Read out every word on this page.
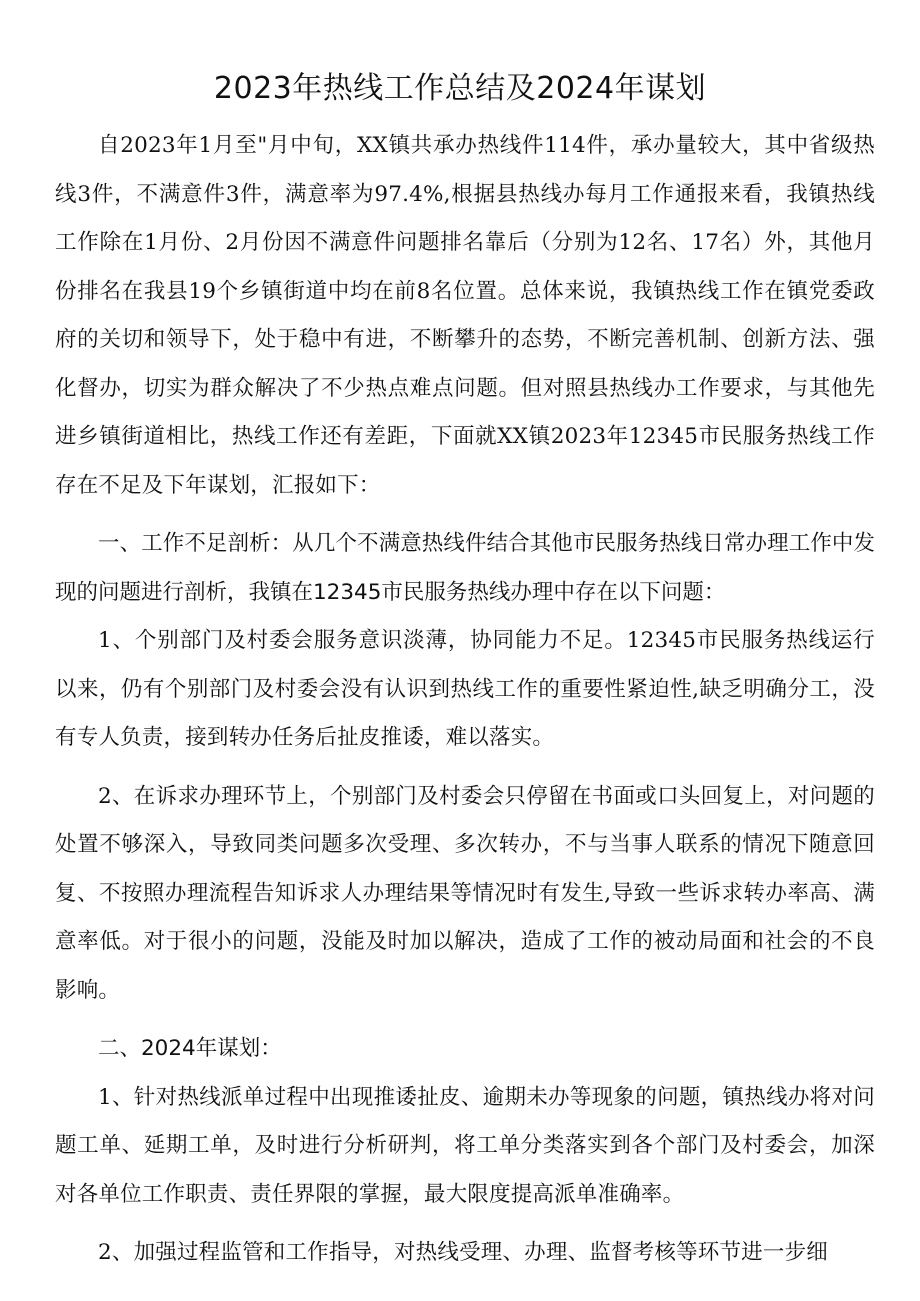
2023年热线工作总结及2024年谋划

自2023年1月至"月中旬，XX镇共承办热线件114件，承办量较大，其中省级热线3件，不满意件3件，满意率为97.4%,根据县热线办每月工作通报来看，我镇热线工作除在1月份、2月份因不满意件问题排名靠后（分别为12名、17名）外，其他月份排名在我县19个乡镇街道中均在前8名位置。总体来说，我镇热线工作在镇党委政府的关切和领导下，处于稳中有进，不断攀升的态势，不断完善机制、创新方法、强化督办，切实为群众解决了不少热点难点问题。但对照县热线办工作要求，与其他先进乡镇街道相比，热线工作还有差距，下面就XX镇2023年12345市民服务热线工作存在不足及下年谋划，汇报如下：

一、工作不足剖析：从几个不满意热线件结合其他市民服务热线日常办理工作中发现的问题进行剖析，我镇在12345市民服务热线办理中存在以下问题：

1、个别部门及村委会服务意识淡薄，协同能力不足。12345市民服务热线运行以来，仍有个别部门及村委会没有认识到热线工作的重要性紧迫性,缺乏明确分工，没有专人负责，接到转办任务后扯皮推诿，难以落实。

2、在诉求办理环节上，个别部门及村委会只停留在书面或口头回复上，对问题的处置不够深入，导致同类问题多次受理、多次转办，不与当事人联系的情况下随意回复、不按照办理流程告知诉求人办理结果等情况时有发生,导致一些诉求转办率高、满意率低。对于很小的问题，没能及时加以解决，造成了工作的被动局面和社会的不良影响。

二、2024年谋划：

1、针对热线派单过程中出现推诿扯皮、逾期未办等现象的问题，镇热线办将对问题工单、延期工单，及时进行分析研判，将工单分类落实到各个部门及村委会，加深对各单位工作职责、责任界限的掌握，最大限度提高派单准确率。

2、加强过程监管和工作指导，对热线受理、办理、监督考核等环节进一步细
